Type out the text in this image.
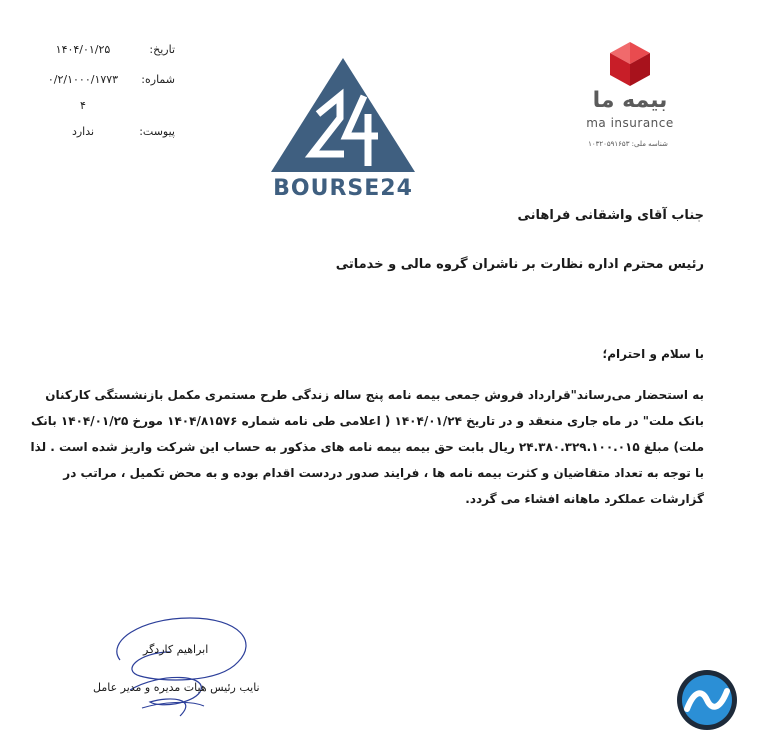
تاریخ:
۱۴۰۴/۰۱/۲۵
شماره:
۰/۲/۱۰۰۰/۱۷۷۳
۴
پیوست:
ندارد
بیمه ما
ma insurance
شناسه ملی: ۱۰۳۲۰۵۹۱۶۵۳
BOURSE24
جناب آقای واشقانی فراهانی
رئیس محترم اداره نظارت بر ناشران گروه مالی و خدماتی
با سلام و احترام؛
به استحضار می‌رساند"قرارداد فروش جمعی بیمه نامه پنج ساله زندگی طرح مستمری مکمل بازنشستگی کارکنان
بانک ملت" در ماه جاری منعقد و در تاریخ ۱۴۰۴/۰۱/۲۴ ( اعلامی طی نامه شماره ۱۴۰۴/۸۱۵۷۶ مورخ ۱۴۰۴/۰۱/۲۵ بانک
ملت) مبلغ ۲۴.۳۸۰.۳۲۹.۱۰۰.۰۱۵ ریال بابت حق بیمه بیمه نامه های مذکور به حساب این شرکت واریز شده است . لذا
با توجه به تعداد متقاضیان و کثرت بیمه نامه ها ، فرایند صدور دردست اقدام بوده و به محض تکمیل ، مراتب در
گزارشات عملکرد ماهانه افشاء می گردد.
ابراهیم کاردگر
نایب رئیس هیات مدیره و مدیر عامل
